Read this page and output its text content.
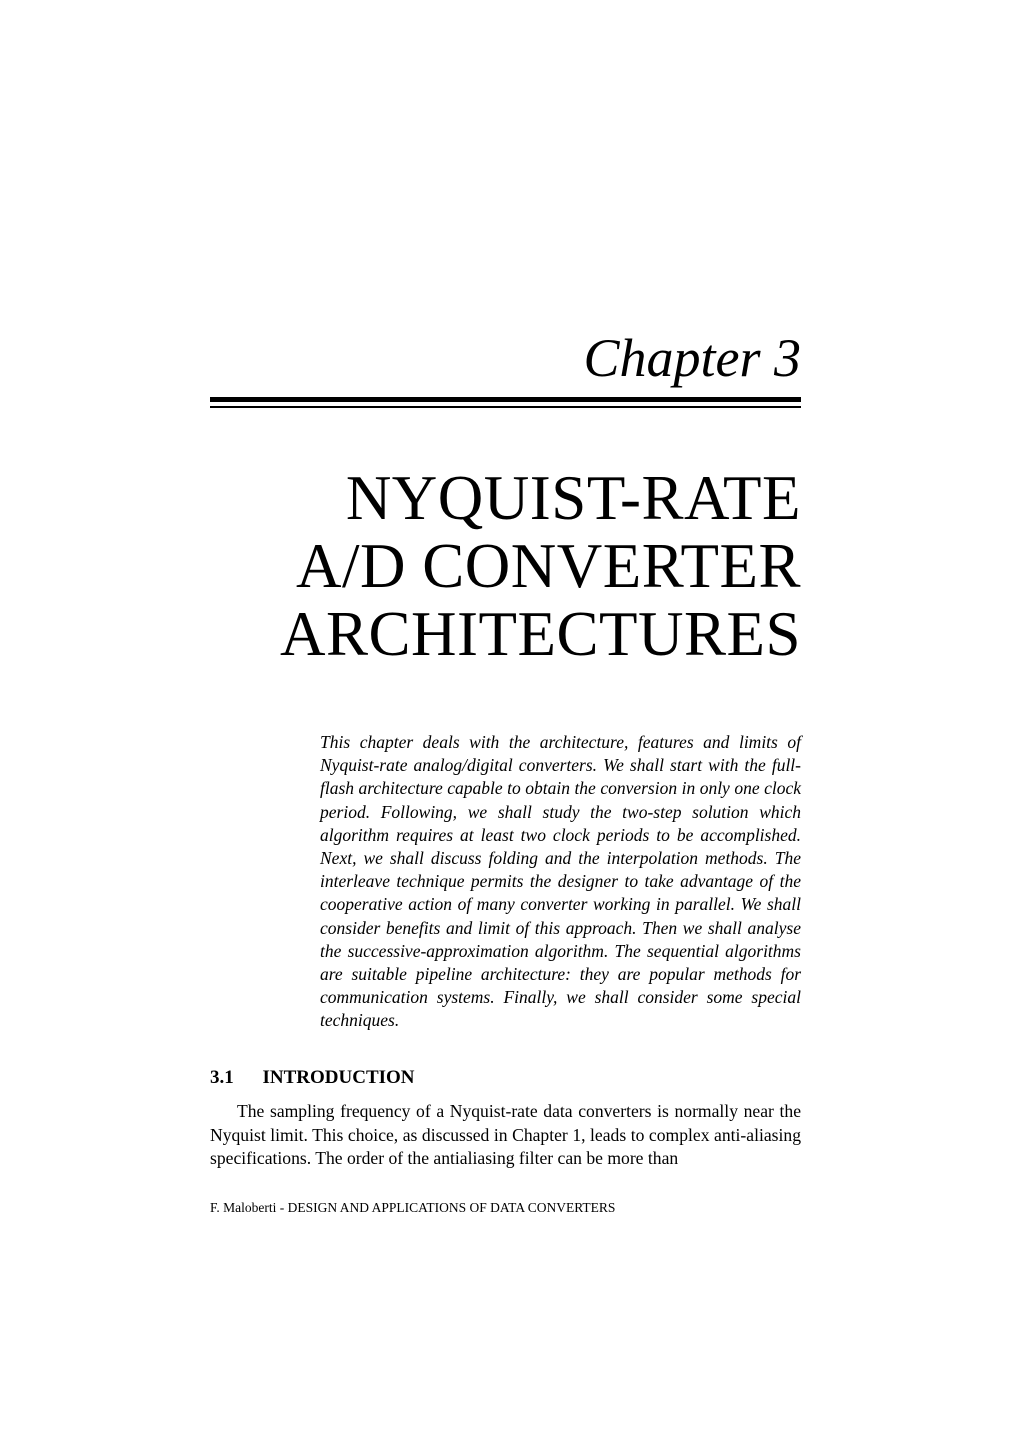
Chapter 3
NYQUIST-RATE
A/D CONVERTER
ARCHITECTURES
This chapter deals with the architecture, features and limits of Nyquist-rate analog/digital converters. We shall start with the full-flash architecture capable to obtain the conversion in only one clock period. Following, we shall study the two-step solution which algorithm requires at least two clock periods to be accomplished. Next, we shall discuss folding and the interpolation methods. The interleave technique permits the designer to take advantage of the cooperative action of many converter working in parallel. We shall consider benefits and limit of this approach. Then we shall analyse the successive-approximation algorithm. The sequential algorithms are suitable pipeline architecture: they are popular methods for communication systems. Finally, we shall consider some special techniques.
3.1 INTRODUCTION
The sampling frequency of a Nyquist-rate data converters is normally near the Nyquist limit. This choice, as discussed in Chapter 1, leads to complex anti-aliasing specifications. The order of the antialiasing filter can be more than
F. Maloberti - DESIGN AND APPLICATIONS OF DATA CONVERTERS
